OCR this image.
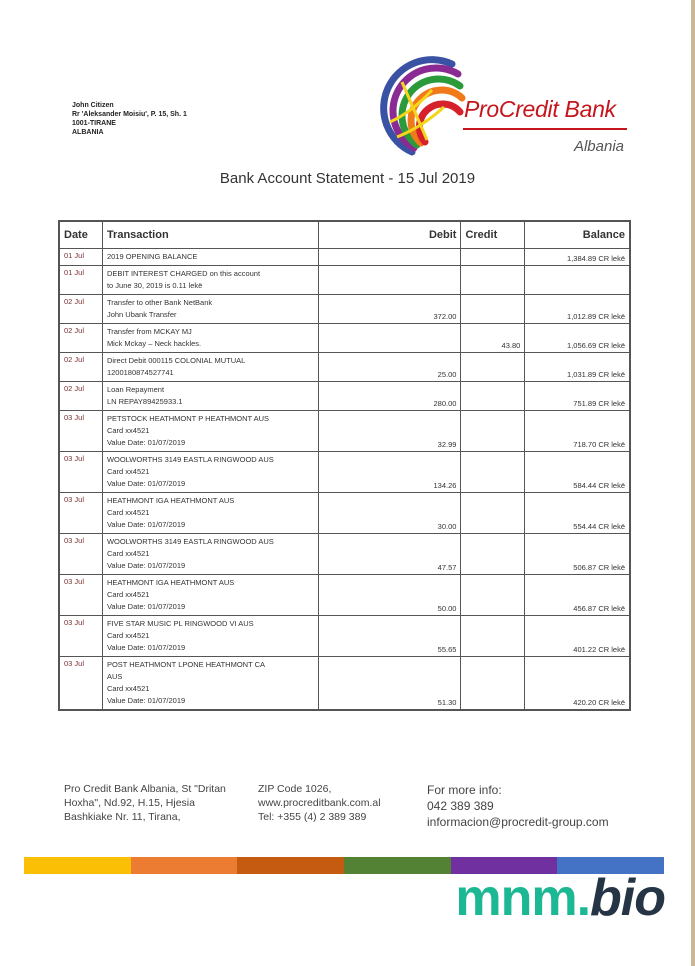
John Citizen
Rr 'Aleksander Moisiu', P. 15, Sh. 1
1001-TIRANE
ALBANIA
ProCredit Bank
Albania
Bank Account Statement - 15 Jul 2019
Date	Transaction	Debit	Credit	Balance
01 Jul	2019 OPENING BALANCE			1,384.89 CR lekë
01 Jul	DEBIT INTEREST CHARGED on this account
to June 30, 2019 is 0.11 lekë			

02 Jul	Transfer to other Bank NetBank
John Ubank Transfer	372.00		1,012.89 CR lekë
02 Jul	Transfer from MCKAY MJ
Mick Mckay – Neck hackles.		43.80	1,056.69 CR lekë
02 Jul	Direct Debit 000115 COLONIAL MUTUAL
1200180874527741	25.00		1,031.89 CR lekë
02 Jul	Loan Repayment
LN REPAY89425933.1	280.00		751.89 CR lekë
03 Jul	PETSTOCK HEATHMONT P HEATHMONT AUS
Card xx4521
Value Date: 01/07/2019	32.99		718.70 CR lekë
03 Jul	WOOLWORTHS 3149 EASTLA RINGWOOD AUS
Card xx4521
Value Date: 01/07/2019	134.26		584.44 CR lekë
03 Jul	HEATHMONT IGA HEATHMONT AUS
Card xx4521
Value Date: 01/07/2019	30.00		554.44 CR lekë
03 Jul	WOOLWORTHS 3149 EASTLA RINGWOOD AUS
Card xx4521
Value Date: 01/07/2019	47.57		506.87 CR lekë
03 Jul	HEATHMONT IGA HEATHMONT AUS
Card xx4521
Value Date: 01/07/2019	50.00		456.87 CR lekë
03 Jul	FIVE STAR MUSIC PL RINGWOOD VI AUS
Card xx4521
Value Date: 01/07/2019	55.65		401.22 CR lekë
03 Jul	POST HEATHMONT LPONE HEATHMONT CA
AUS
Card xx4521
Value Date: 01/07/2019	51.30		420.20 CR lekë
Pro Credit Bank Albania, St "Dritan
Hoxha", Nd.92, H.15, Hjesia
Bashkiake Nr. 11, Tirana,
ZIP Code 1026,
www.procreditbank.com.al
Tel: +355 (4) 2 389 389
For more info:
042 389 389
informacion@procredit-group.com
mnm.bio
